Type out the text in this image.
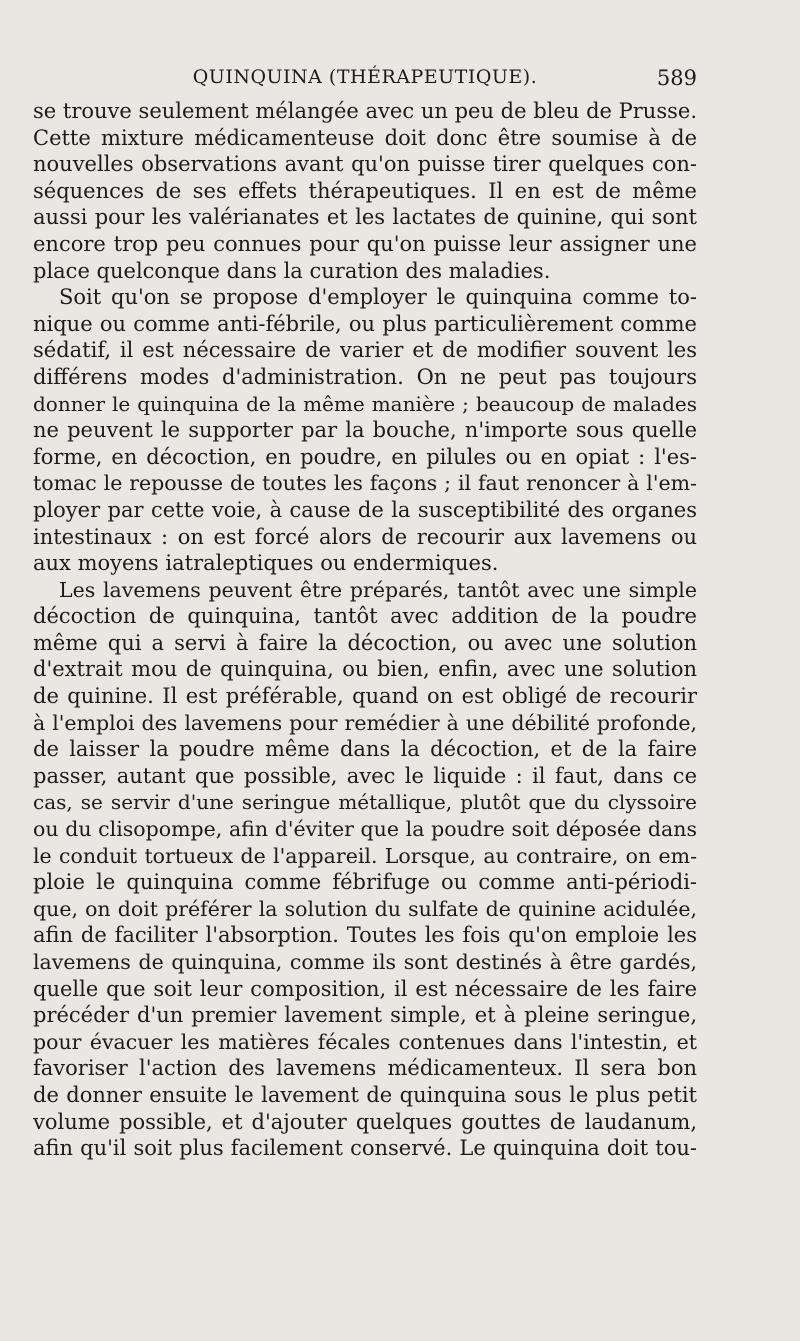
QUINQUINA (THÉRAPEUTIQUE).	589
se trouve seulement mélangée avec un peu de bleu de Prusse.
Cette mixture médicamenteuse doit donc être soumise à de
nouvelles observations avant qu'on puisse tirer quelques con-
séquences de ses effets thérapeutiques. Il en est de même
aussi pour les valérianates et les lactates de quinine, qui sont
encore trop peu connues pour qu'on puisse leur assigner une
place quelconque dans la curation des maladies.
Soit qu'on se propose d'employer le quinquina comme to-
nique ou comme anti-fébrile, ou plus particulièrement comme
sédatif, il est nécessaire de varier et de modifier souvent les
différens modes d'administration. On ne peut pas toujours
donner le quinquina de la même manière ; beaucoup de malades
ne peuvent le supporter par la bouche, n'importe sous quelle
forme, en décoction, en poudre, en pilules ou en opiat : l'es-
tomac le repousse de toutes les façons ; il faut renoncer à l'em-
ployer par cette voie, à cause de la susceptibilité des organes
intestinaux : on est forcé alors de recourir aux lavemens ou
aux moyens iatraleptiques ou endermiques.
Les lavemens peuvent être préparés, tantôt avec une simple
décoction de quinquina, tantôt avec addition de la poudre
même qui a servi à faire la décoction, ou avec une solution
d'extrait mou de quinquina, ou bien, enfin, avec une solution
de quinine. Il est préférable, quand on est obligé de recourir
à l'emploi des lavemens pour remédier à une débilité profonde,
de laisser la poudre même dans la décoction, et de la faire
passer, autant que possible, avec le liquide : il faut, dans ce
cas, se servir d'une seringue métallique, plutôt que du clyssoire
ou du clisopompe, afin d'éviter que la poudre soit déposée dans
le conduit tortueux de l'appareil. Lorsque, au contraire, on em-
ploie le quinquina comme fébrifuge ou comme anti-périodi-
que, on doit préférer la solution du sulfate de quinine acidulée,
afin de faciliter l'absorption. Toutes les fois qu'on emploie les
lavemens de quinquina, comme ils sont destinés à être gardés,
quelle que soit leur composition, il est nécessaire de les faire
précéder d'un premier lavement simple, et à pleine seringue,
pour évacuer les matières fécales contenues dans l'intestin, et
favoriser l'action des lavemens médicamenteux. Il sera bon
de donner ensuite le lavement de quinquina sous le plus petit
volume possible, et d'ajouter quelques gouttes de laudanum,
afin qu'il soit plus facilement conservé. Le quinquina doit tou-
